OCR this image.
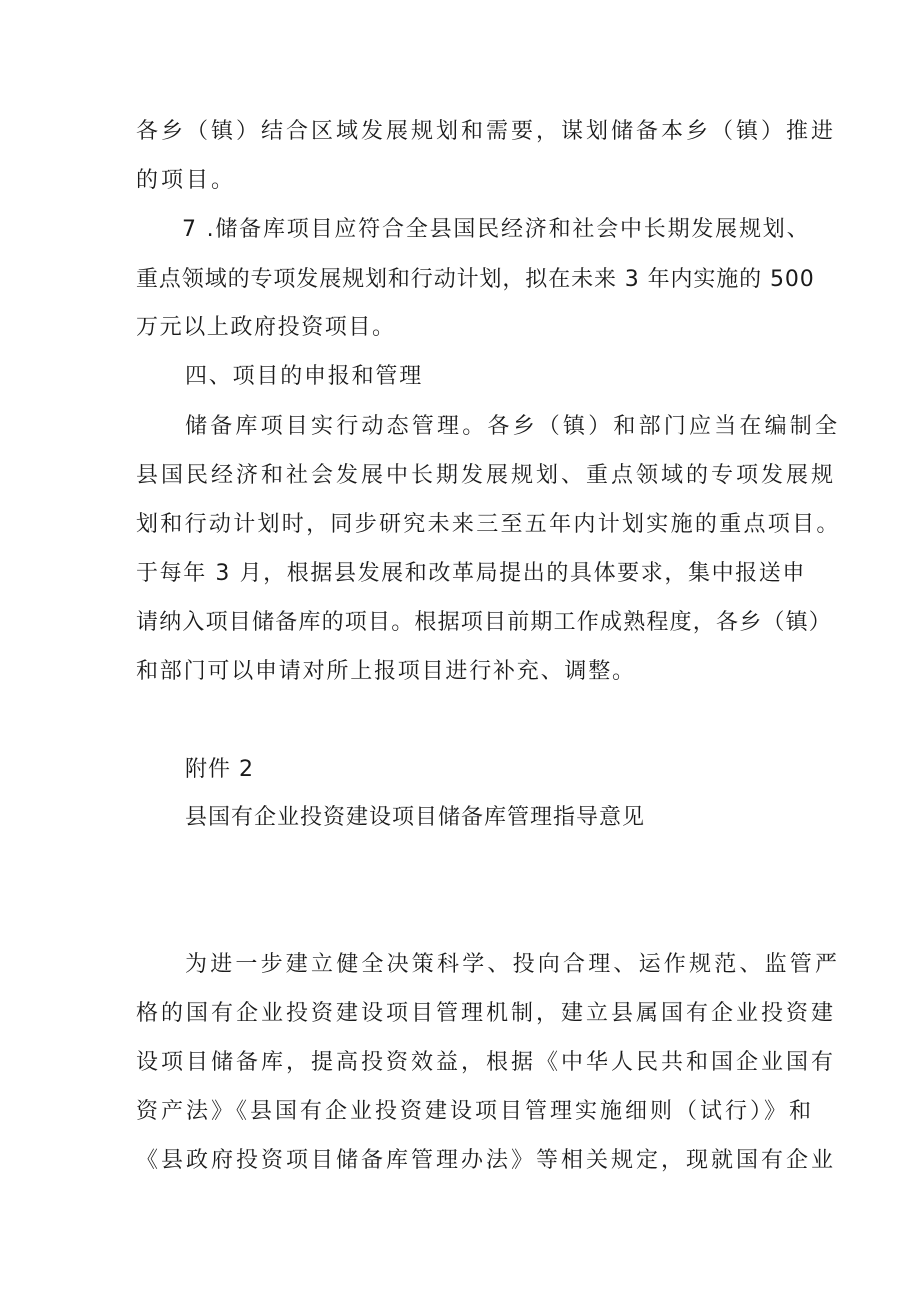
各乡（镇）结合区域发展规划和需要，谋划储备本乡（镇）推进

的项目。

7 .储备库项目应符合全县国民经济和社会中长期发展规划、

重点领域的专项发展规划和行动计划，拟在未来 3 年内实施的 500

万元以上政府投资项目。

四、项目的申报和管理

储备库项目实行动态管理。各乡（镇）和部门应当在编制全

县国民经济和社会发展中长期发展规划、重点领域的专项发展规

划和行动计划时，同步研究未来三至五年内计划实施的重点项目。

于每年 3 月，根据县发展和改革局提出的具体要求，集中报送申

请纳入项目储备库的项目。根据项目前期工作成熟程度，各乡（镇）

和部门可以申请对所上报项目进行补充、调整。

附件 2

县国有企业投资建设项目储备库管理指导意见

为进一步建立健全决策科学、投向合理、运作规范、监管严

格的国有企业投资建设项目管理机制，建立县属国有企业投资建

设项目储备库，提高投资效益，根据《中华人民共和国企业国有

资产法》《县国有企业投资建设项目管理实施细则（试行）》和

《县政府投资项目储备库管理办法》等相关规定，现就国有企业
